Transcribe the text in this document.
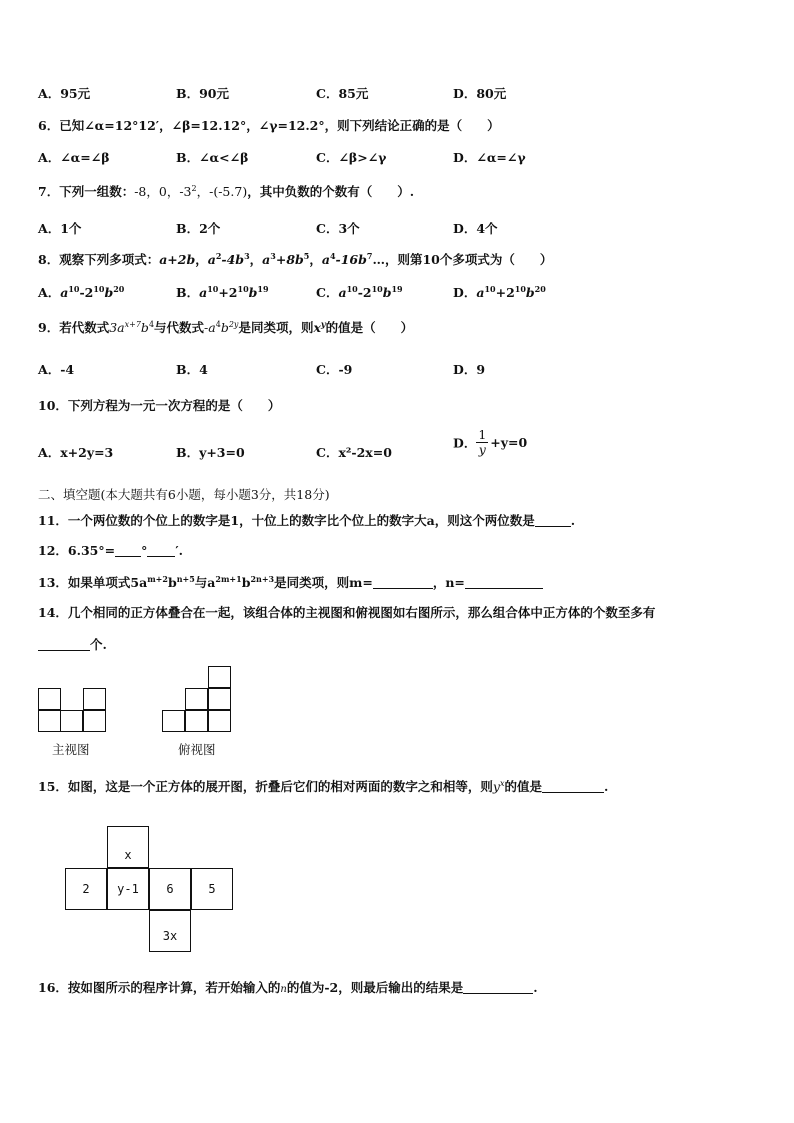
A．95元	B．90元	C．85元	D．80元
6．已知∠α=12°12′，∠β=12.12°，∠γ=12.2°，则下列结论正确的是（　　）
A．∠α=∠β	B．∠α<∠β	C．∠β>∠γ	D．∠α=∠γ
7．下列一组数：-8，0，$-3^2$，-(-5.7)，其中负数的个数有（　　）.
A．1个	B．2个	C．3个	D．4个
8．观察下列多项式：a+2b，$a^2-4b^3$，$a^3+8b^5$，$a^4-16b^7\dots$，则第10个多项式为（　　）
A．$a^{10}-2^{10}b^{20}$	B．$a^{10}+2^{10}b^{19}$	C．$a^{10}-2^{10}b^{19}$	D．$a^{10}+2^{10}b^{20}$
9．若代数式$3a^{x+7}b^4$与代数式$-a^4b^{2y}$是同类项，则$x^y$的值是（　　）
A．-4	B．4	C．-9	D．9
10．下列方程为一元一次方程的是（　　）
A．x+2y=3	B．y+3=0	C．x²-2x=0
D． $\frac{1}{y} +y=0$
二、填空题(本大题共有6小题，每小题3分，共18分)
11．一个两位数的个位上的数字是1，十位上的数字比个位上的数字大a，则这个两位数是	.
12．6.35°= ° ′.
13．如果单项式$5a^{m+2}b^{n+5}$与$a^{2m+1}b^{2n+3}$是同类项，则m=	，n=
14．几个相同的正方体叠合在一起，该组合体的主视图和俯视图如右图所示，那么组合体中正方体的个数至多有
个.
主视图	俯视图
15．如图，这是一个正方体的展开图，折叠后它们的相对两面的数字之和相等，则$y^x$的值是	.
x
2	y-1	6	5
3x
16．按如图所示的程序计算，若开始输入的n的值为-2，则最后输出的结果是	.
